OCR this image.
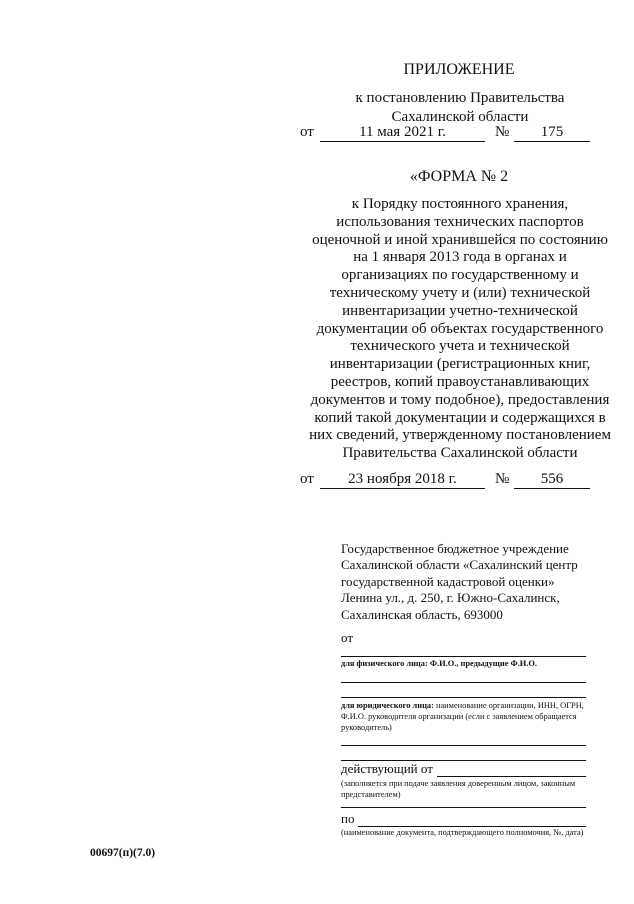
ПРИЛОЖЕНИЕ
к постановлению Правительства
Сахалинской области
от	11 мая 2021 г.	№	175
«ФОРМА № 2
к Порядку постоянного хранения,
использования технических паспортов
оценочной и иной хранившейся по состоянию
на 1 января 2013 года в органах и
организациях по государственному и
техническому учету и (или) технической
инвентаризации учетно-технической
документации об объектах государственного
технического учета и технической
инвентаризации (регистрационных книг,
реестров, копий правоустанавливающих
документов и тому подобное), предоставления
копий такой документации и содержащихся в
них сведений, утвержденному постановлением
Правительства Сахалинской области
от	23 ноября 2018 г.	№	556
Государственное бюджетное учреждение
Сахалинской области «Сахалинский центр
государственной кадастровой оценки»
Ленина ул., д. 250, г. Южно-Сахалинск,
Сахалинская область, 693000
от
для физического лица: Ф.И.О., предыдущие Ф.И.О.
для юридического лица: наименование организации, ИНН, ОГРН, Ф.И.О. руководителя организации (если с заявлением обращается руководитель)
действующий от
(заполняется при подаче заявления доверенным лицом, законным представителем)
по
(наименование документа, подтверждающего полномочия, №, дата)
00697(п)(7.0)
